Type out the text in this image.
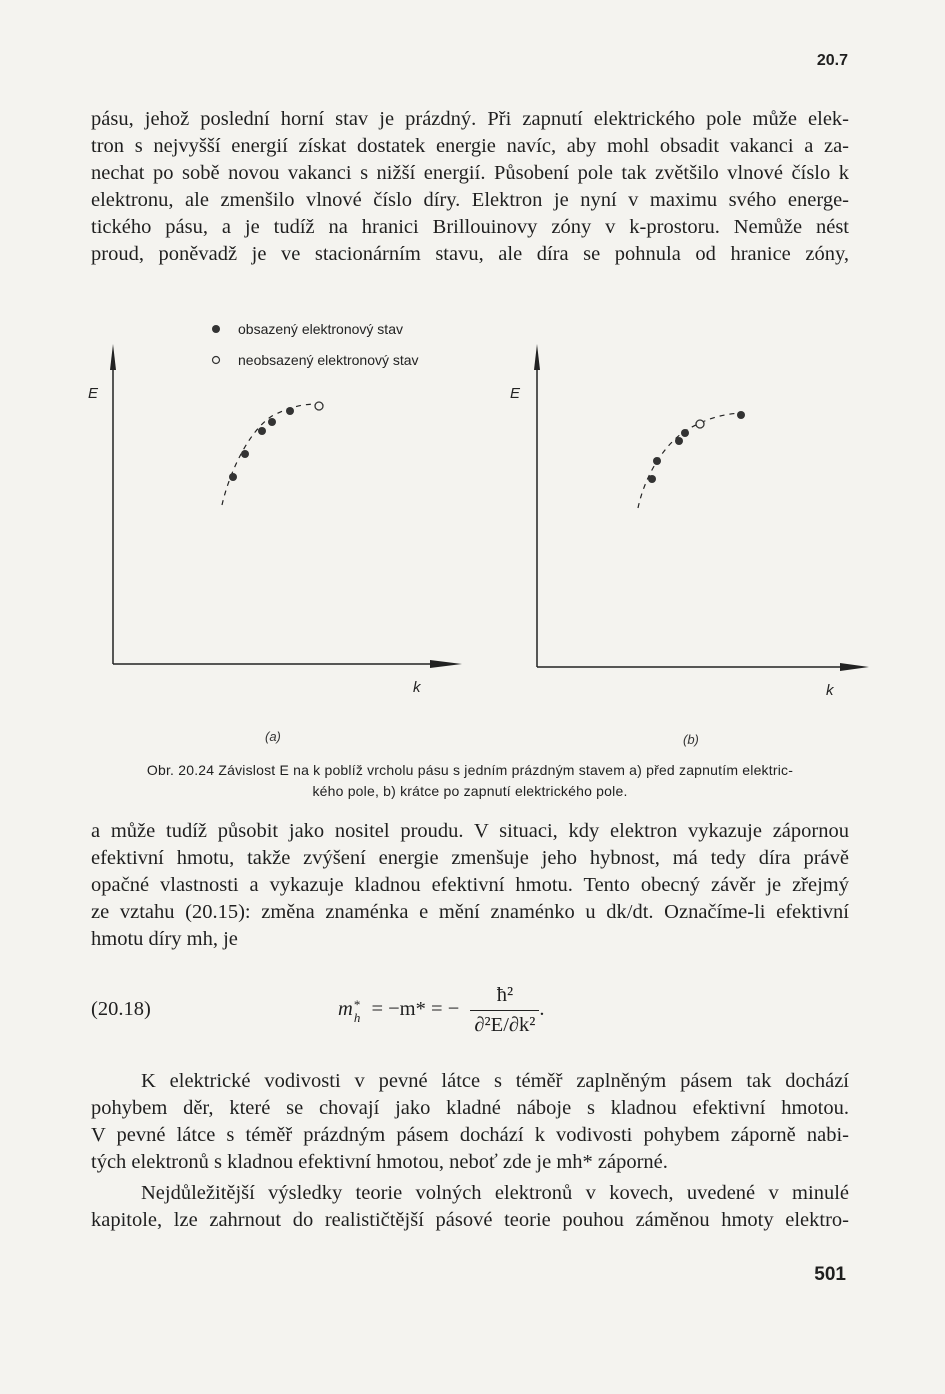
20.7
pásu, jehož poslední horní stav je prázdný. Při zapnutí elektrického pole může elek-
tron s nejvyšší energií získat dostatek energie navíc, aby mohl obsadit vakanci a za-
nechat po sobě novou vakanci s nižší energií. Působení pole tak zvětšilo vlnové číslo k
elektronu, ale zmenšilo vlnové číslo díry. Elektron je nyní v maximu svého energe-
tického pásu, a je tudíž na hranici Brillouinovy zóny v k-prostoru. Nemůže nést
proud, poněvadž je ve stacionárním stavu, ale díra se pohnula od hranice zóny,
obsazený elektronový stav
neobsazený elektronový stav
E
k
(a)
E
k
(b)
Obr. 20.24 Závislost E na k poblíž vrcholu pásu s jedním prázdným stavem a) před zapnutím elektric-
kého pole, b) krátce po zapnutí elektrického pole.
a může tudíž působit jako nositel proudu. V situaci, kdy elektron vykazuje zápornou
efektivní hmotu, takže zvýšení energie zmenšuje jeho hybnost, má tedy díra právě
opačné vlastnosti a vykazuje kladnou efektivní hmotu. Tento obecný závěr je zřejmý
ze vztahu (20.15): změna znaménka e mění znaménko u dk/dt. Označíme-li efektivní
hmotu díry mh, je
(20.18)	m *
h = −m* = − $\frac{\text{ħ²}}{\text{∂²E/∂k²}}$ .
K elektrické vodivosti v pevné látce s téměř zaplněným pásem tak dochází
pohybem děr, které se chovají jako kladné náboje s kladnou efektivní hmotou.
V pevné látce s téměř prázdným pásem dochází k vodivosti pohybem záporně nabi-
tých elektronů s kladnou efektivní hmotou, neboť zde je mh* záporné.
Nejdůležitější výsledky teorie volných elektronů v kovech, uvedené v minulé
kapitole, lze zahrnout do realističtější pásové teorie pouhou záměnou hmoty elektro-
501
